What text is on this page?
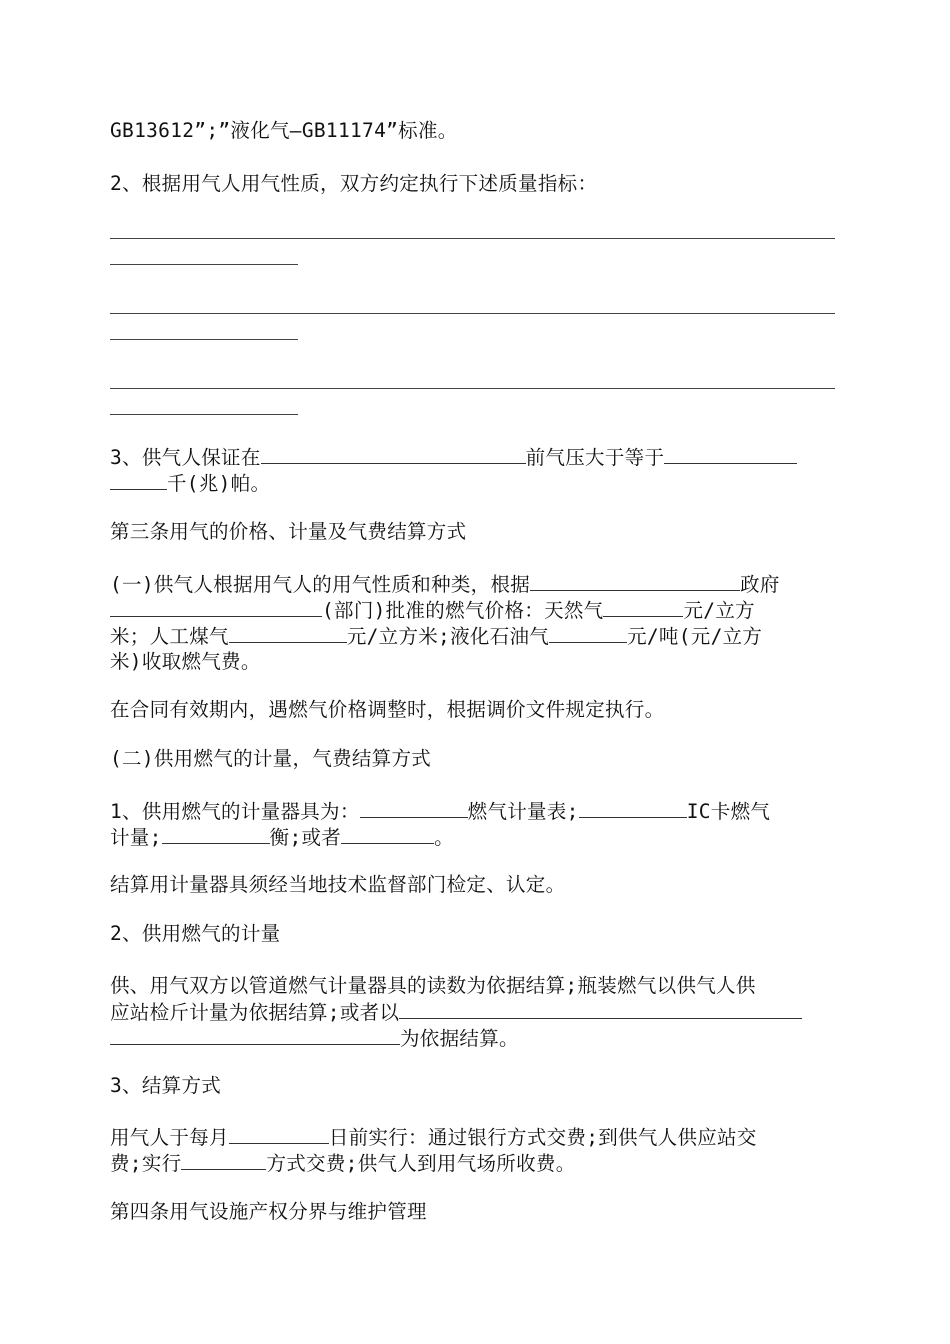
GB13612”;”液化气—GB11174”标准。
2、根据用气人用气性质，双方约定执行下述质量指标：
3、供气人保证在	前气压大于等于
千(兆)帕。
第三条用气的价格、计量及气费结算方式
(一)供气人根据用气人的用气性质和种类，根据	政府
(部门)批准的燃气价格：天然气	元/立方
米；人工煤气	元/立方米;液化石油气	元/吨(元/立方
米)收取燃气费。
在合同有效期内，遇燃气价格调整时，根据调价文件规定执行。
(二)供用燃气的计量，气费结算方式
1、供用燃气的计量器具为：	燃气计量表;	IC卡燃气
计量;	衡;或者	。
结算用计量器具须经当地技术监督部门检定、认定。
2、供用燃气的计量
供、用气双方以管道燃气计量器具的读数为依据结算;瓶装燃气以供气人供
应站检斤计量为依据结算;或者以
为依据结算。
3、结算方式
用气人于每月	日前实行：通过银行方式交费;到供气人供应站交
费;实行	方式交费;供气人到用气场所收费。
第四条用气设施产权分界与维护管理
